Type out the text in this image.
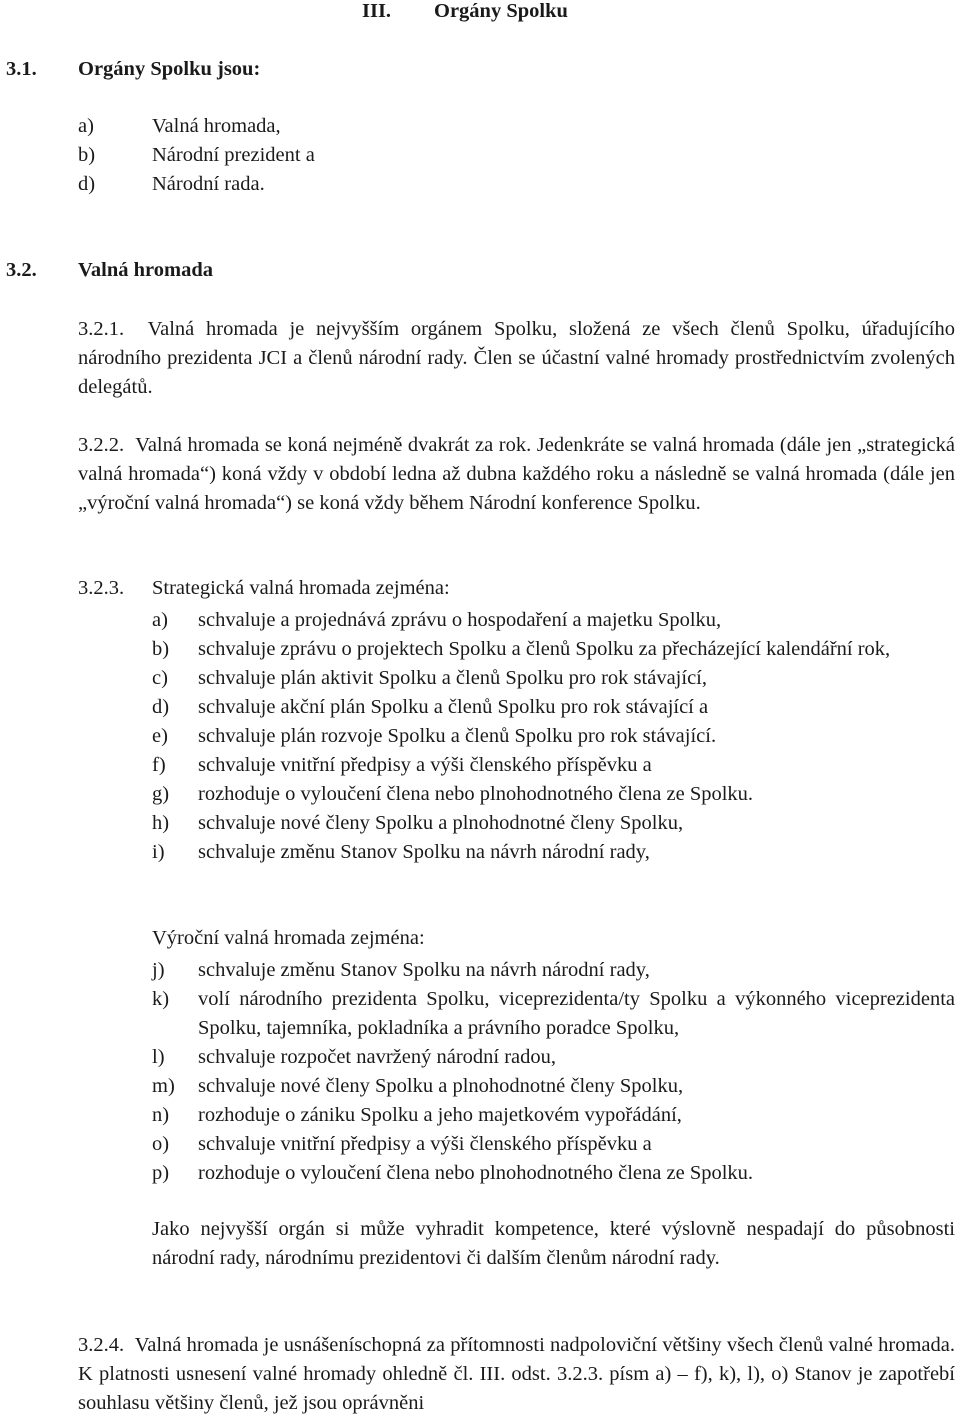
III. Orgány Spolku
3.1. Orgány Spolku jsou:
a)	Valná hromada,
b)	Národní prezident a
d)	Národní rada.
3.2. Valná hromada
3.2.1. Valná hromada je nejvyšším orgánem Spolku, složená ze všech členů Spolku, úřadujícího národního prezidenta JCI a členů národní rady. Člen se účastní valné hromady prostřednictvím zvolených delegátů.
3.2.2. Valná hromada se koná nejméně dvakrát za rok. Jedenkráte se valná hromada (dále jen „strategická valná hromada“) koná vždy v období ledna až dubna každého roku a následně se valná hromada (dále jen „výroční valná hromada“) se koná vždy během Národní konference Spolku.
3.2.3. Strategická valná hromada zejména:
a) schvaluje a projednává zprávu o hospodaření a majetku Spolku,
b) schvaluje zprávu o projektech Spolku a členů Spolku za přecházející kalendářní rok,
c) schvaluje plán aktivit Spolku a členů Spolku pro rok stávající,
d) schvaluje akční plán Spolku a členů Spolku pro rok stávající a
e) schvaluje plán rozvoje Spolku a členů Spolku pro rok stávající.
f) schvaluje vnitřní předpisy a výši členského příspěvku a
g) rozhoduje o vyloučení člena nebo plnohodnotného člena ze Spolku.
h) schvaluje nové členy Spolku a plnohodnotné členy Spolku,
i) schvaluje změnu Stanov Spolku na návrh národní rady,
Výroční valná hromada zejména:
j) schvaluje změnu Stanov Spolku na návrh národní rady,
k) volí národního prezidenta Spolku, viceprezidenta/ty Spolku a výkonného viceprezidenta Spolku, tajemníka, pokladníka a právního poradce Spolku,
l) schvaluje rozpočet navržený národní radou,
m) schvaluje nové členy Spolku a plnohodnotné členy Spolku,
n) rozhoduje o zániku Spolku a jeho majetkovém vypořádání,
o) schvaluje vnitřní předpisy a výši členského příspěvku a
p) rozhoduje o vyloučení člena nebo plnohodnotného člena ze Spolku.
Jako nejvyšší orgán si může vyhradit kompetence, které výslovně nespadají do působnosti národní rady, národnímu prezidentovi či dalším členům národní rady.
3.2.4. Valná hromada je usnášeníschopná za přítomnosti nadpoloviční většiny všech členů valné hromada. K platnosti usnesení valné hromady ohledně čl. III. odst. 3.2.3. písm a) – f), k), l), o) Stanov je zapotřebí souhlasu většiny členů, jež jsou oprávněni
